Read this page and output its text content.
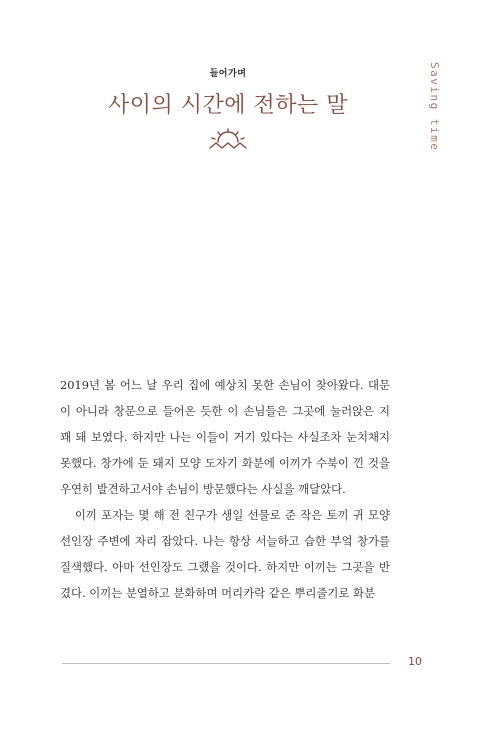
들어가며
사이의 시간에 전하는 말	Saving time

2019년 봄 어느 날 우리 집에 예상치 못한 손님이 찾아왔다. 대문이 아니라 창문으로 들어온 듯한 이 손님들은 그곳에 눌러앉은 지 꽤 돼 보였다. 하지만 나는 이들이 거기 있다는 사실조차 눈치채지 못했다. 창가에 둔 돼지 모양 도자기 화분에 이끼가 수북이 낀 것을 우연히 발견하고서야 손님이 방문했다는 사실을 깨달았다.

이끼 포자는 몇 해 전 친구가 생일 선물로 준 작은 토끼 귀 모양 선인장 주변에 자리 잡았다. 나는 항상 서늘하고 습한 부엌 창가를 질색했다. 아마 선인장도 그랬을 것이다. 하지만 이끼는 그곳을 반겼다. 이끼는 분열하고 분화하며 머리카락 같은 뿌리줄기로 화분

10
